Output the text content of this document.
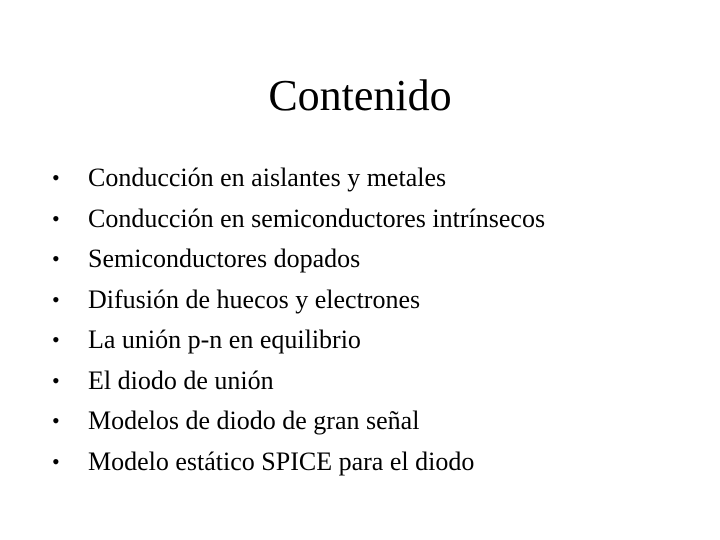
Contenido
•	Conducción en aislantes y metales
•	Conducción en semiconductores intrínsecos
•	Semiconductores dopados
•	Difusión de huecos y electrones
•	La unión p-n en equilibrio
•	El diodo de unión
•	Modelos de diodo de gran señal
•	Modelo estático SPICE para el diodo
